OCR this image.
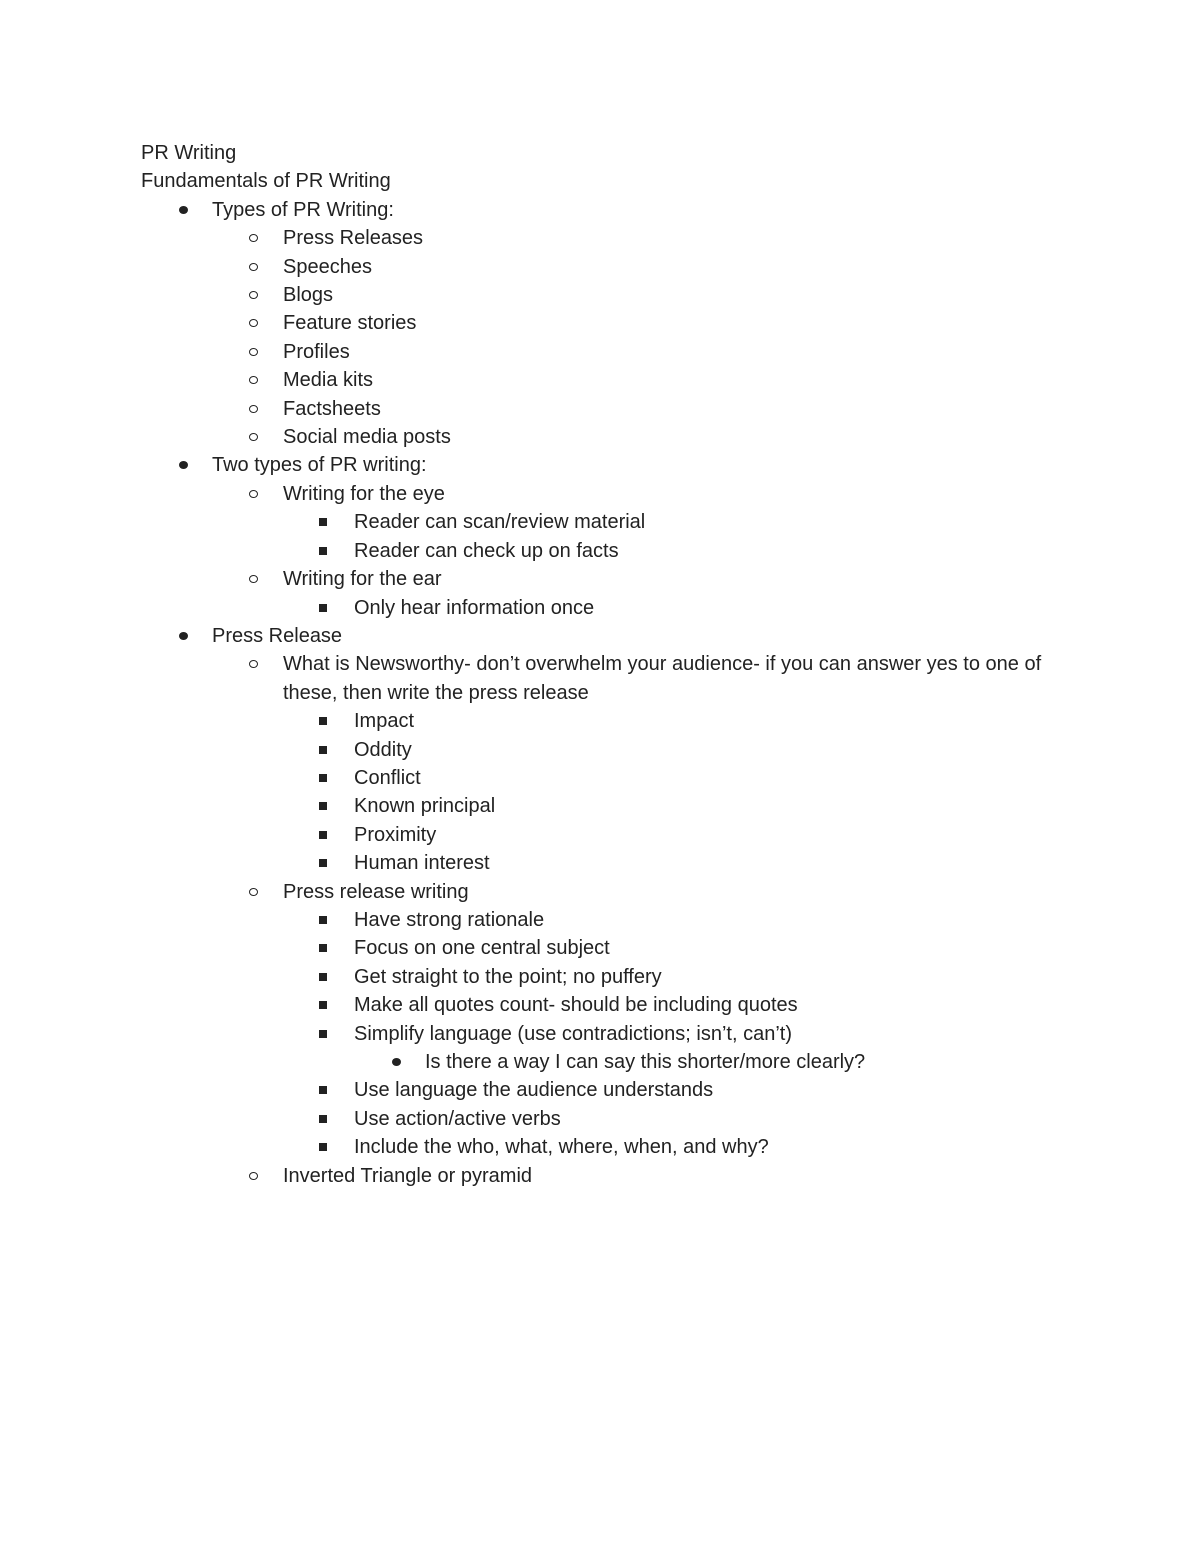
PR Writing

Fundamentals of PR Writing

Types of PR Writing:
Press Releases
Speeches
Blogs
Feature stories
Profiles
Media kits
Factsheets
Social media posts
Two types of PR writing:
Writing for the eye
Reader can scan/review material
Reader can check up on facts
Writing for the ear
Only hear information once
Press Release
What is Newsworthy- don’t overwhelm your audience- if you can answer yes to one of these, then write the press release
Impact
Oddity
Conflict
Known principal
Proximity
Human interest
Press release writing
Have strong rationale
Focus on one central subject
Get straight to the point; no puffery
Make all quotes count- should be including quotes
Simplify language (use contradictions; isn’t, can’t)
Is there a way I can say this shorter/more clearly?
Use language the audience understands
Use action/active verbs
Include the who, what, where, when, and why?
Inverted Triangle or pyramid
